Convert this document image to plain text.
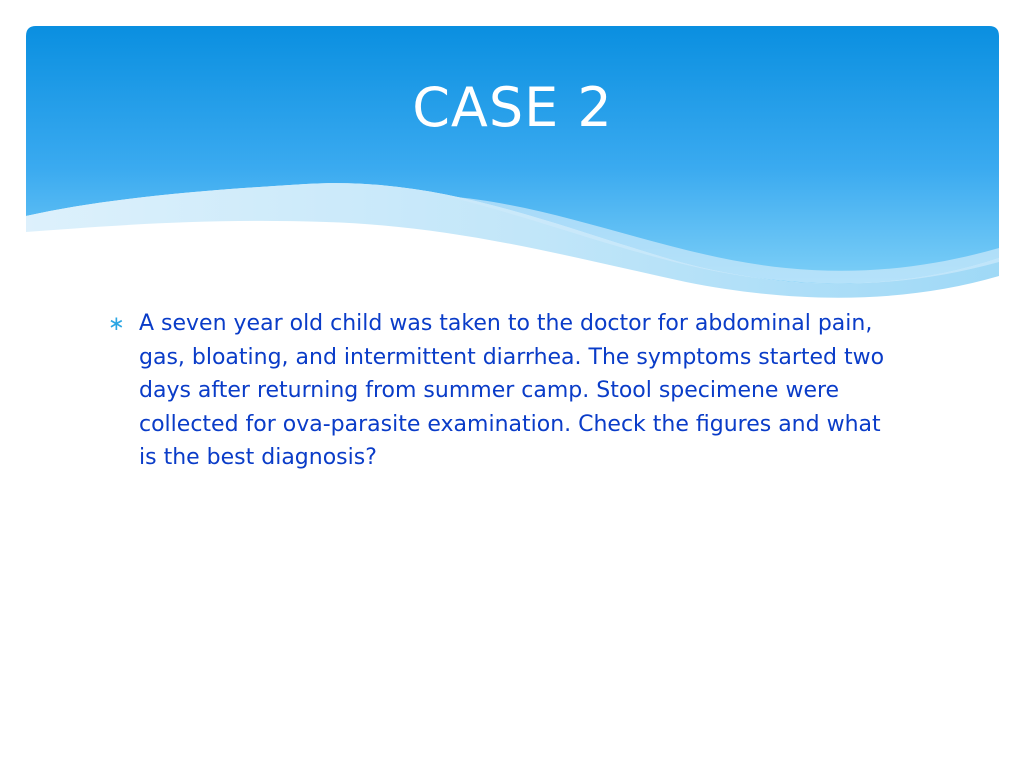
CASE 2
∗ A seven year old child was taken to the doctor for abdominal pain, gas, bloating, and intermittent diarrhea. The symptoms started two days after returning from summer camp. Stool specimene were collected for ova-parasite examination. Check the figures and what is the best diagnosis?
